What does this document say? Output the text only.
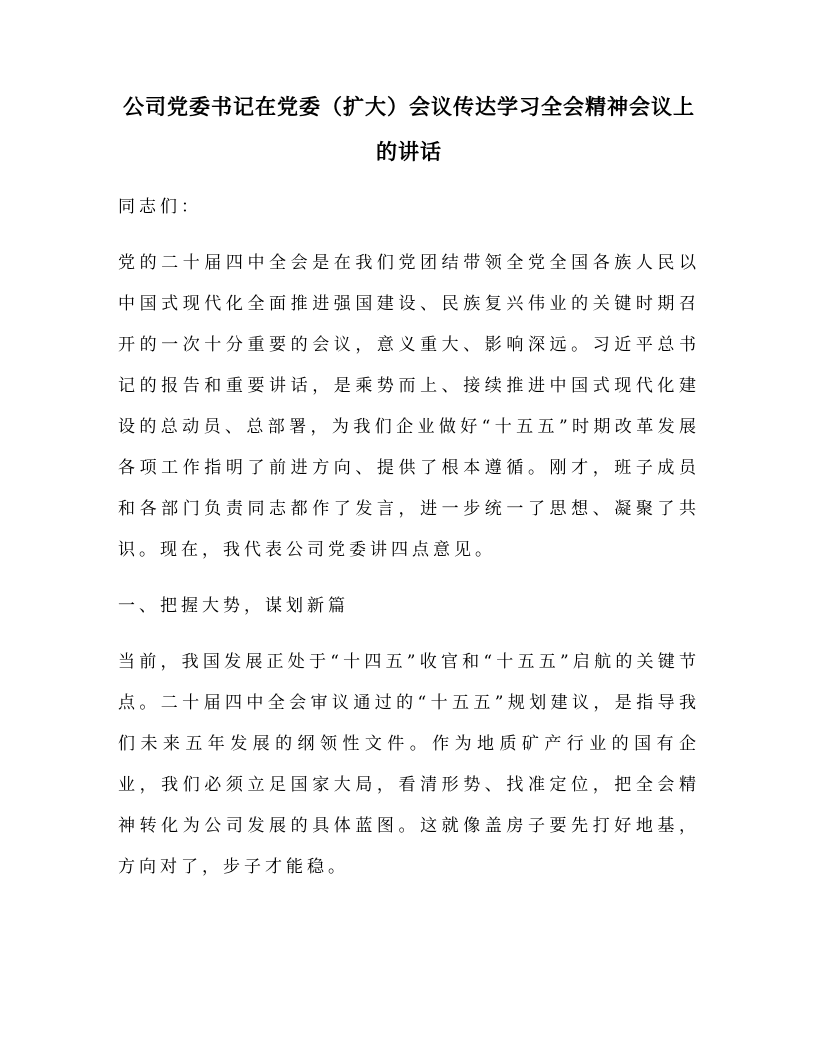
公司党委书记在党委（扩大）会议传达学习全会精神会议上的讲话

同志们：

党的二十届四中全会是在我们党团结带领全党全国各族人民以中国式现代化全面推进强国建设、民族复兴伟业的关键时期召开的一次十分重要的会议，意义重大、影响深远。习近平总书记的报告和重要讲话，是乘势而上、接续推进中国式现代化建设的总动员、总部署，为我们企业做好“十五五”时期改革发展各项工作指明了前进方向、提供了根本遵循。刚才，班子成员和各部门负责同志都作了发言，进一步统一了思想、凝聚了共识。现在，我代表公司党委讲四点意见。

一、把握大势，谋划新篇

当前，我国发展正处于“十四五”收官和“十五五”启航的关键节点。二十届四中全会审议通过的“十五五”规划建议，是指导我们未来五年发展的纲领性文件。作为地质矿产行业的国有企业，我们必须立足国家大局，看清形势、找准定位，把全会精神转化为公司发展的具体蓝图。这就像盖房子要先打好地基，方向对了，步子才能稳。
